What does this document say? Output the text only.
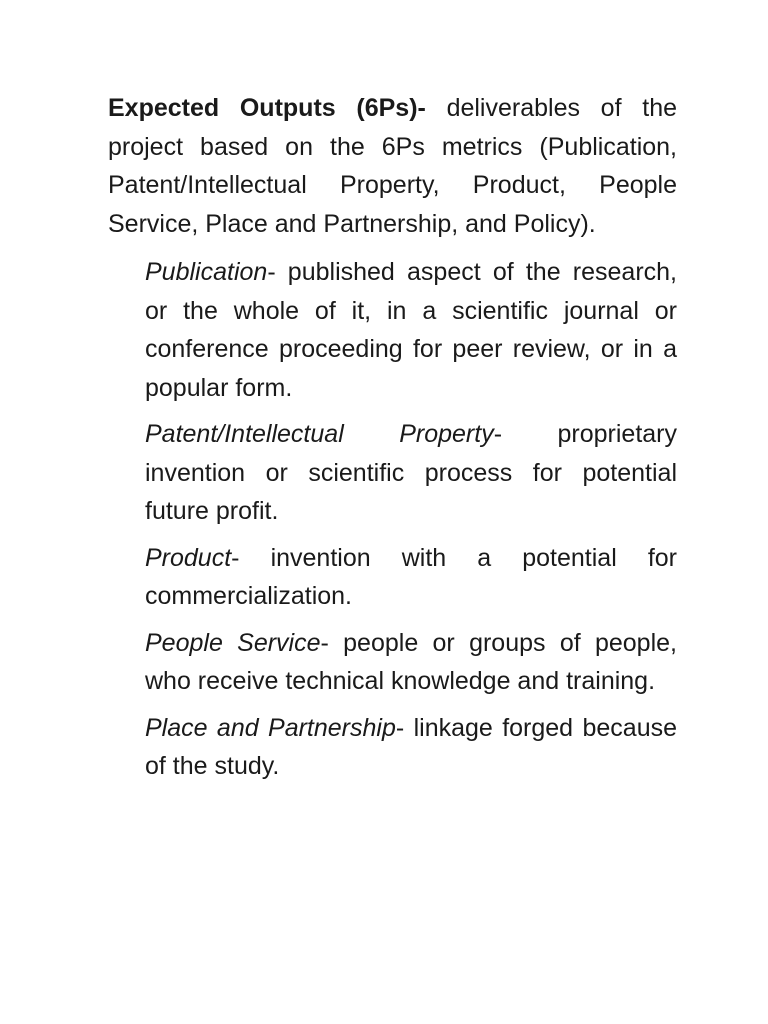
Expected Outputs (6Ps)- deliverables of the project based on the 6Ps metrics (Publication, Patent/Intellectual Property, Product, People Service, Place and Partnership, and Policy).

Publication- published aspect of the research, or the whole of it, in a scientific journal or conference proceeding for peer review, or in a popular form.
Patent/Intellectual Property- proprietary invention or scientific process for potential future profit.
Product- invention with a potential for commercialization.
People Service- people or groups of people, who receive technical knowledge and training.
Place and Partnership- linkage forged because of the study.
